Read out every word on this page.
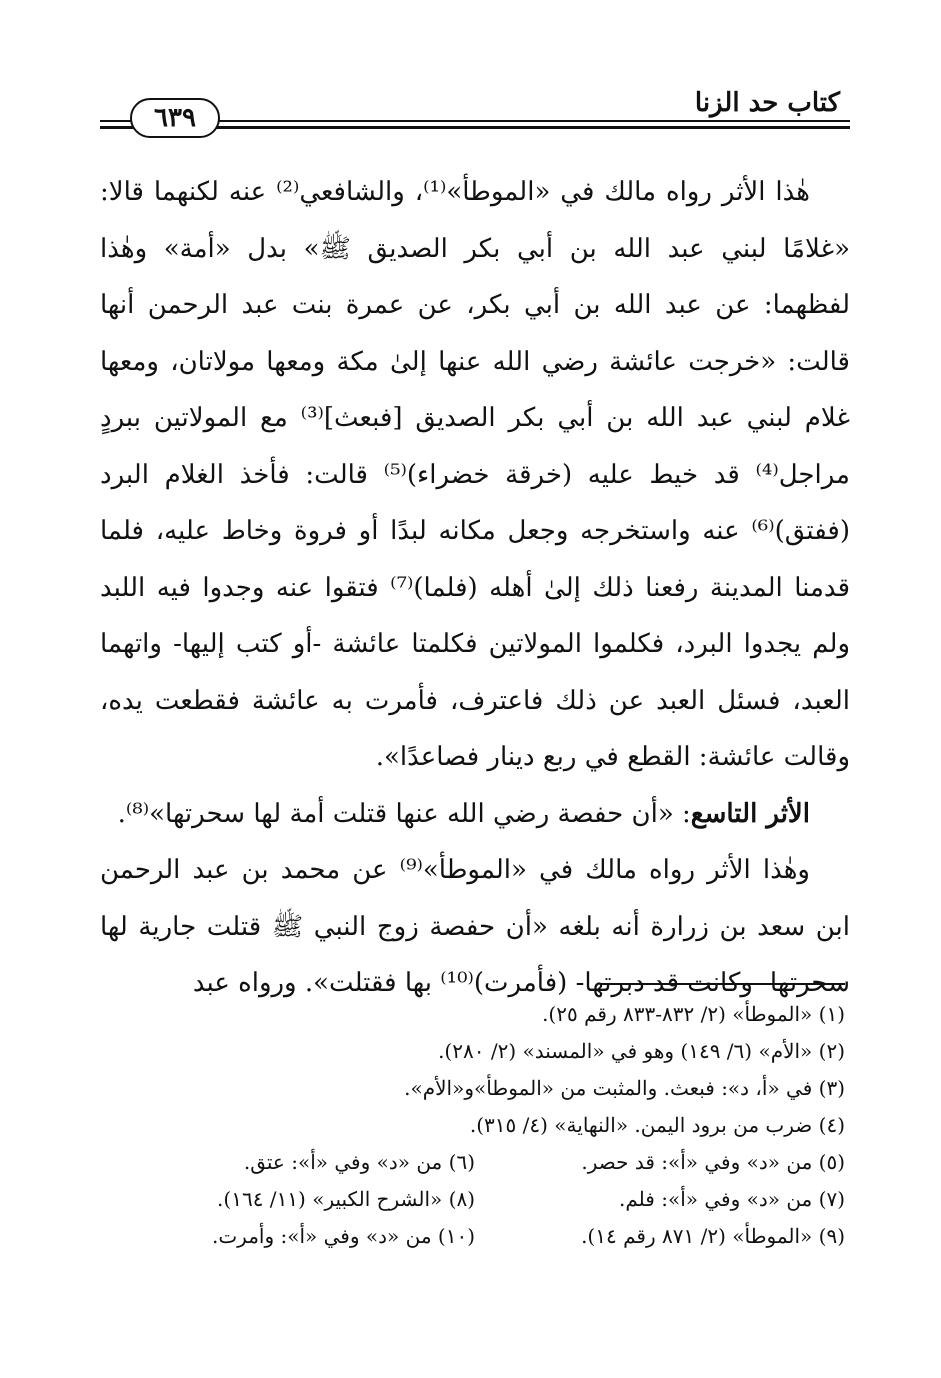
كتاب حد الزنا
٦٣٩

هٰذا الأثر رواه مالك في «الموطأ»⁽¹⁾، والشافعي⁽²⁾ عنه لكنهما قالا: «غلامًا لبني عبد الله بن أبي بكر الصديق ﷺ» بدل «أمة» وهٰذا لفظهما: عن عبد الله بن أبي بكر، عن عمرة بنت عبد الرحمن أنها قالت: «خرجت عائشة رضي الله عنها إلىٰ مكة ومعها مولاتان، ومعها غلام لبني عبد الله بن أبي بكر الصديق [فبعث]⁽³⁾ مع المولاتين ببردٍ مراجل⁽⁴⁾ قد خيط عليه (خرقة خضراء)⁽⁵⁾ قالت: فأخذ الغلام البرد (ففتق)⁽⁶⁾ عنه واستخرجه وجعل مكانه لبدًا أو فروة وخاط عليه، فلما قدمنا المدينة رفعنا ذلك إلىٰ أهله (فلما)⁽⁷⁾ فتقوا عنه وجدوا فيه اللبد ولم يجدوا البرد، فكلموا المولاتين فكلمتا عائشة -أو كتب إليها- واتهما العبد، فسئل العبد عن ذلك فاعترف، فأمرت به عائشة فقطعت يده، وقالت عائشة: القطع في ربع دينار فصاعدًا».

الأثر التاسع: «أن حفصة رضي الله عنها قتلت أمة لها سحرتها»⁽⁸⁾.

وهٰذا الأثر رواه مالك في «الموطأ»⁽⁹⁾ عن محمد بن عبد الرحمن ابن سعد بن زرارة أنه بلغه «أن حفصة زوج النبي ﷺ قتلت جارية لها سحرتها -وكانت قد دبرتها- (فأمرت)⁽¹⁰⁾ بها فقتلت». ورواه عبد

(١) «الموطأ» (٢/ ٨٣٢-٨٣٣ رقم ٢٥).
(٢) «الأم» (٦/ ١٤٩) وهو في «المسند» (٢/ ٢٨٠).
(٣) في «أ، د»: فبعث. والمثبت من «الموطأ»و«الأم».
(٤) ضرب من برود اليمن. «النهاية» (٤/ ٣١٥).
(٥) من «د» وفي «أ»: قد حصر.
(٦) من «د» وفي «أ»: عتق.
(٧) من «د» وفي «أ»: فلم.
(٨) «الشرح الكبير» (١١/ ١٦٤).
(٩) «الموطأ» (٢/ ٨٧١ رقم ١٤).
(١٠) من «د» وفي «أ»: وأمرت.
